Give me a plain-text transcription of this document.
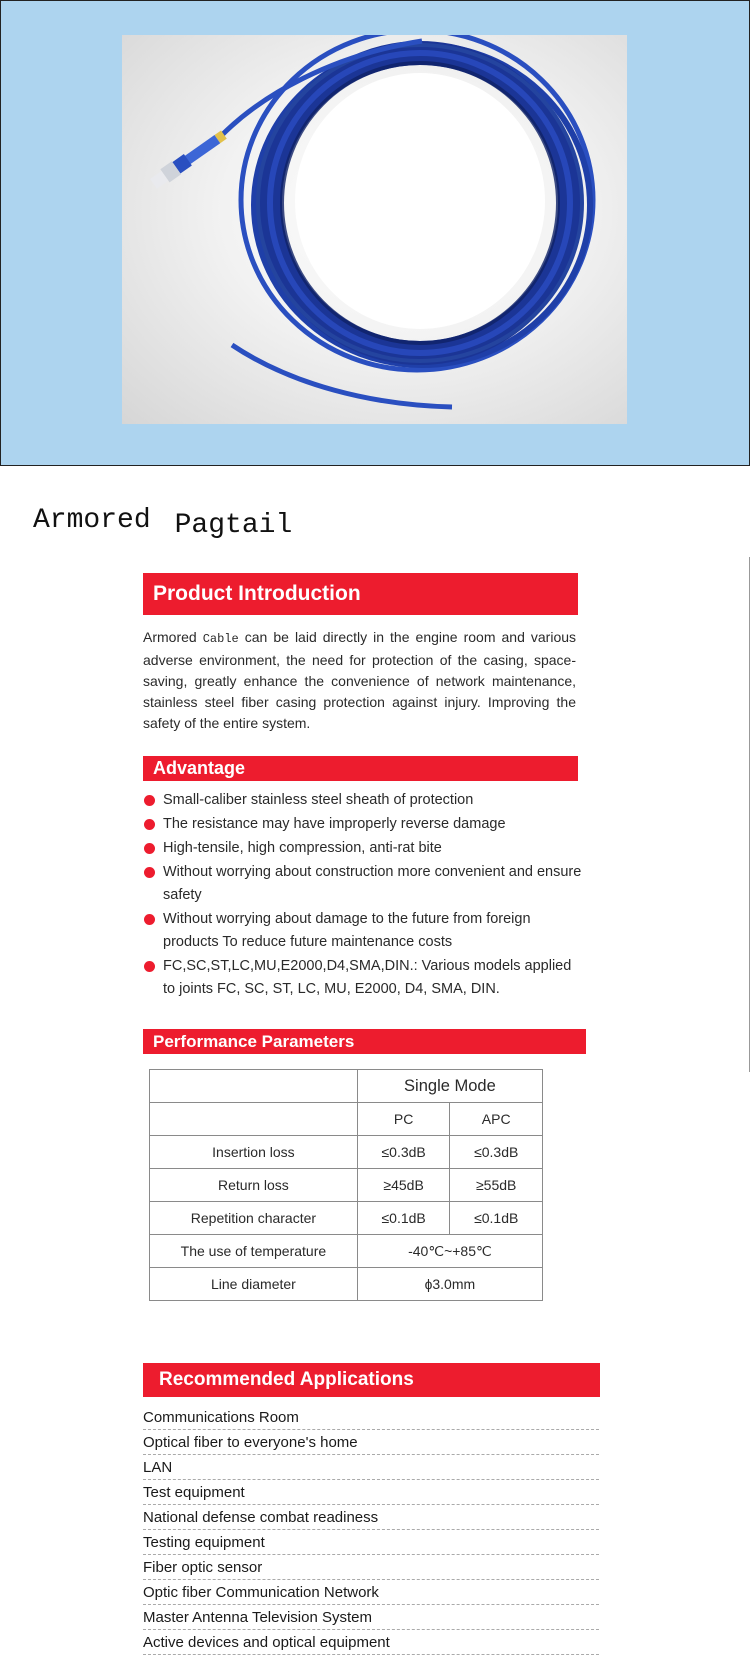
Armored Pagtail
Product Introduction

Armored Cable can be laid directly in the engine room and various adverse environment, the need for protection of the casing, space-saving, greatly enhance the convenience of network maintenance, stainless steel fiber casing protection against injury. Improving the safety of the entire system.

Advantage
Small-caliber stainless steel sheath of protection
The resistance may have improperly reverse damage
High-tensile, high compression, anti-rat bite
Without worrying about construction more convenient and ensure safety
Without worrying about damage to the future from foreign products To reduce future maintenance costs
FC,SC,ST,LC,MU,E2000,D4,SMA,DIN.: Various models applied to joints FC, SC, ST, LC, MU, E2000, D4, SMA, DIN.
Performance Parameters
	Single Mode	
	PC	APC
Insertion loss	≤0.3dB	≤0.3dB
Return loss	≥45dB	≥55dB
Repetition character	≤0.1dB	≤0.1dB
The use of temperature	-40℃~+85℃	
Line diameter	ɸ3.0mm	
Recommended Applications
Communications Room
Optical fiber to everyone's home
LAN
Test equipment
National defense combat readiness
Testing equipment
Fiber optic sensor
Optic fiber Communication Network
Master Antenna Television System
Active devices and optical equipment
